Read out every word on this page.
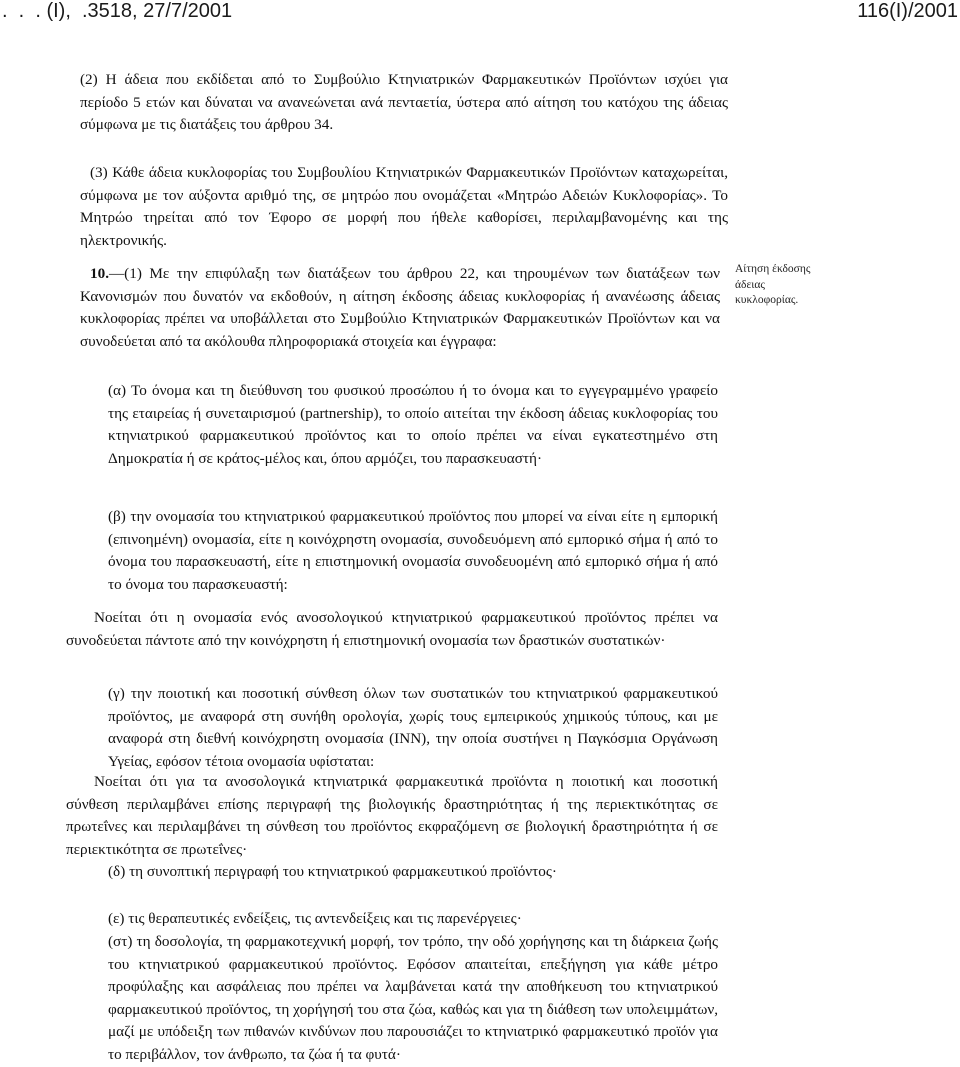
.  .  . (Ι),  .3518, 27/7/2001	116(Ι)/2001

(2) Η άδεια που εκδίδεται από το Συμβούλιο Κτηνιατρικών Φαρμακευτικών Προϊόντων ισχύει για περίοδο 5 ετών και δύναται να ανανεώνεται ανά πενταετία, ύστερα από αίτηση του κατόχου της άδειας σύμφωνα με τις διατάξεις του άρθρου 34.

(3) Κάθε άδεια κυκλοφορίας του Συμβουλίου Κτηνιατρικών Φαρμακευτικών Προϊόντων καταχωρείται, σύμφωνα με τον αύξοντα αριθμό της, σε μητρώο που ονομάζεται «Μητρώο Αδειών Κυκλοφορίας». Το Μητρώο τηρείται από τον Έφορο σε μορφή που ήθελε καθορίσει, περιλαμβανομένης και της ηλεκτρονικής.

10.—(1) Με την επιφύλαξη των διατάξεων του άρθρου 22, και τηρουμένων των διατάξεων των Κανονισμών που δυνατόν να εκδοθούν, η αίτηση έκδοσης άδειας κυκλοφορίας ή ανανέωσης άδειας κυκλοφορίας πρέπει να υποβάλλεται στο Συμβούλιο Κτηνιατρικών Φαρμακευτικών Προϊόντων και να συνοδεύεται από τα ακόλουθα πληροφοριακά στοιχεία και έγγραφα:

Αίτηση έκδοσης άδειας κυκλοφορίας.

(α) Το όνομα και τη διεύθυνση του φυσικού προσώπου ή το όνομα και το εγγεγραμμένο γραφείο της εταιρείας ή συνεταιρισμού (partnership), το οποίο αιτείται την έκδοση άδειας κυκλοφορίας του κτηνιατρικού φαρμακευτικού προϊόντος και το οποίο πρέπει να είναι εγκατεστημένο στη Δημοκρατία ή σε κράτος-μέλος και, όπου αρμόζει, του παρασκευαστή·

(β) την ονομασία του κτηνιατρικού φαρμακευτικού προϊόντος που μπορεί να είναι είτε η εμπορική (επινοημένη) ονομασία, είτε η κοινόχρηστη ονομασία, συνοδευόμενη από εμπορικό σήμα ή από το όνομα του παρασκευαστή, είτε η επιστημονική ονομασία συνοδευομένη από εμπορικό σήμα ή από το όνομα του παρασκευαστή:

Νοείται ότι η ονομασία ενός ανοσολογικού κτηνιατρικού φαρμακευτικού προϊόντος πρέπει να συνοδεύεται πάντοτε από την κοινόχρηστη ή επιστημονική ονομασία των δραστικών συστατικών·

(γ) την ποιοτική και ποσοτική σύνθεση όλων των συστατικών του κτηνιατρικού φαρμακευτικού προϊόντος, με αναφορά στη συνήθη ορολογία, χωρίς τους εμπειρικούς χημικούς τύπους, και με αναφορά στη διεθνή κοινόχρηστη ονομασία (INN), την οποία συστήνει η Παγκόσμια Οργάνωση Υγείας, εφόσον τέτοια ονομασία υφίσταται:

Νοείται ότι για τα ανοσολογικά κτηνιατρικά φαρμακευτικά προϊόντα η ποιοτική και ποσοτική σύνθεση περιλαμβάνει επίσης περιγραφή της βιολογικής δραστηριότητας ή της περιεκτικότητας σε πρωτεΐνες και περιλαμβάνει τη σύνθεση του προϊόντος εκφραζόμενη σε βιολογική δραστηριότητα ή σε περιεκτικότητα σε πρωτεΐνες·

(δ) τη συνοπτική περιγραφή του κτηνιατρικού φαρμακευτικού προϊόντος·

(ε) τις θεραπευτικές ενδείξεις, τις αντενδείξεις και τις παρενέργειες·

(στ) τη δοσολογία, τη φαρμακοτεχνική μορφή, τον τρόπο, την οδό χορήγησης και τη διάρκεια ζωής του κτηνιατρικού φαρμακευτικού προϊόντος. Εφόσον απαιτείται, επεξήγηση για κάθε μέτρο προφύλαξης και ασφάλειας που πρέπει να λαμβάνεται κατά την αποθήκευση του κτηνιατρικού φαρμακευτικού προϊόντος, τη χορήγησή του στα ζώα, καθώς και για τη διάθεση των υπολειμμάτων, μαζί με υπόδειξη των πιθανών κινδύνων που παρουσιάζει το κτηνιατρικό φαρμακευτικό προϊόν για το περιβάλλον, τον άνθρωπο, τα ζώα ή τα φυτά·
